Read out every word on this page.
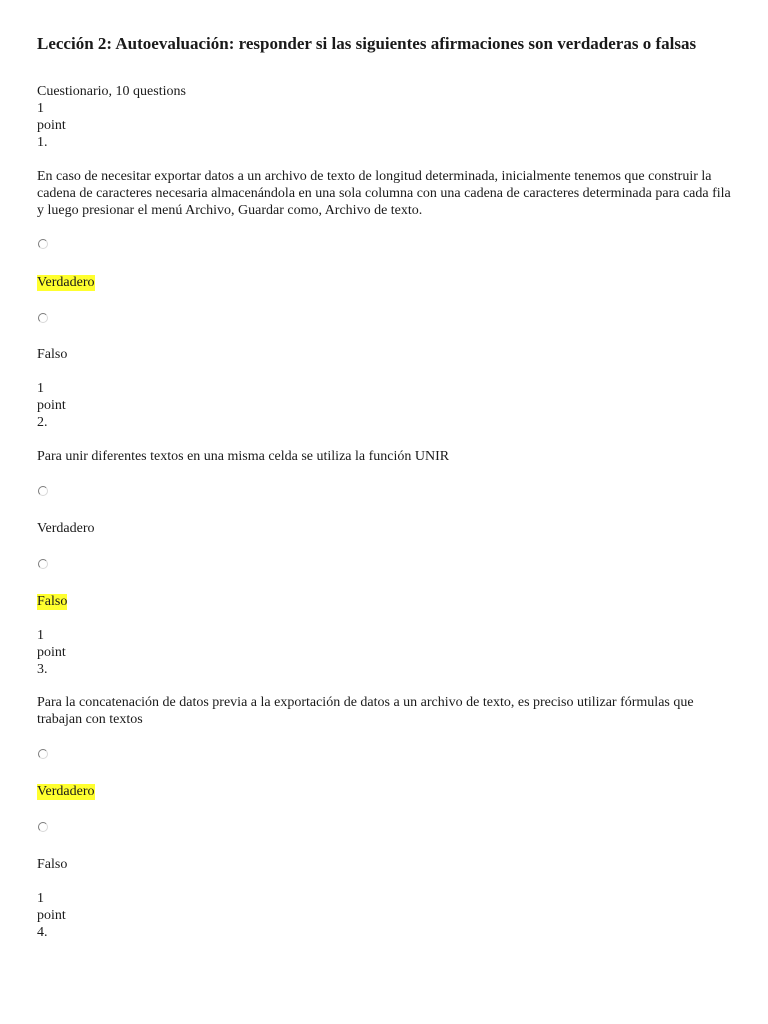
Lección 2: Autoevaluación: responder si las siguientes afirmaciones son verdaderas o falsas
Cuestionario, 10 questions
1
point
1.

En caso de necesitar exportar datos a un archivo de texto de longitud determinada, inicialmente tenemos que construir la cadena de caracteres necesaria almacenándola en una sola columna con una cadena de caracteres determinada para cada fila y luego presionar el menú Archivo, Guardar como, Archivo de texto.

Verdadero
Falso
1
point
2.

Para unir diferentes textos en una misma celda se utiliza la función UNIR

Verdadero
Falso
1
point
3.

Para la concatenación de datos previa a la exportación de datos a un archivo de texto, es preciso utilizar fórmulas que trabajan con textos

Verdadero
Falso
1
point
4.
